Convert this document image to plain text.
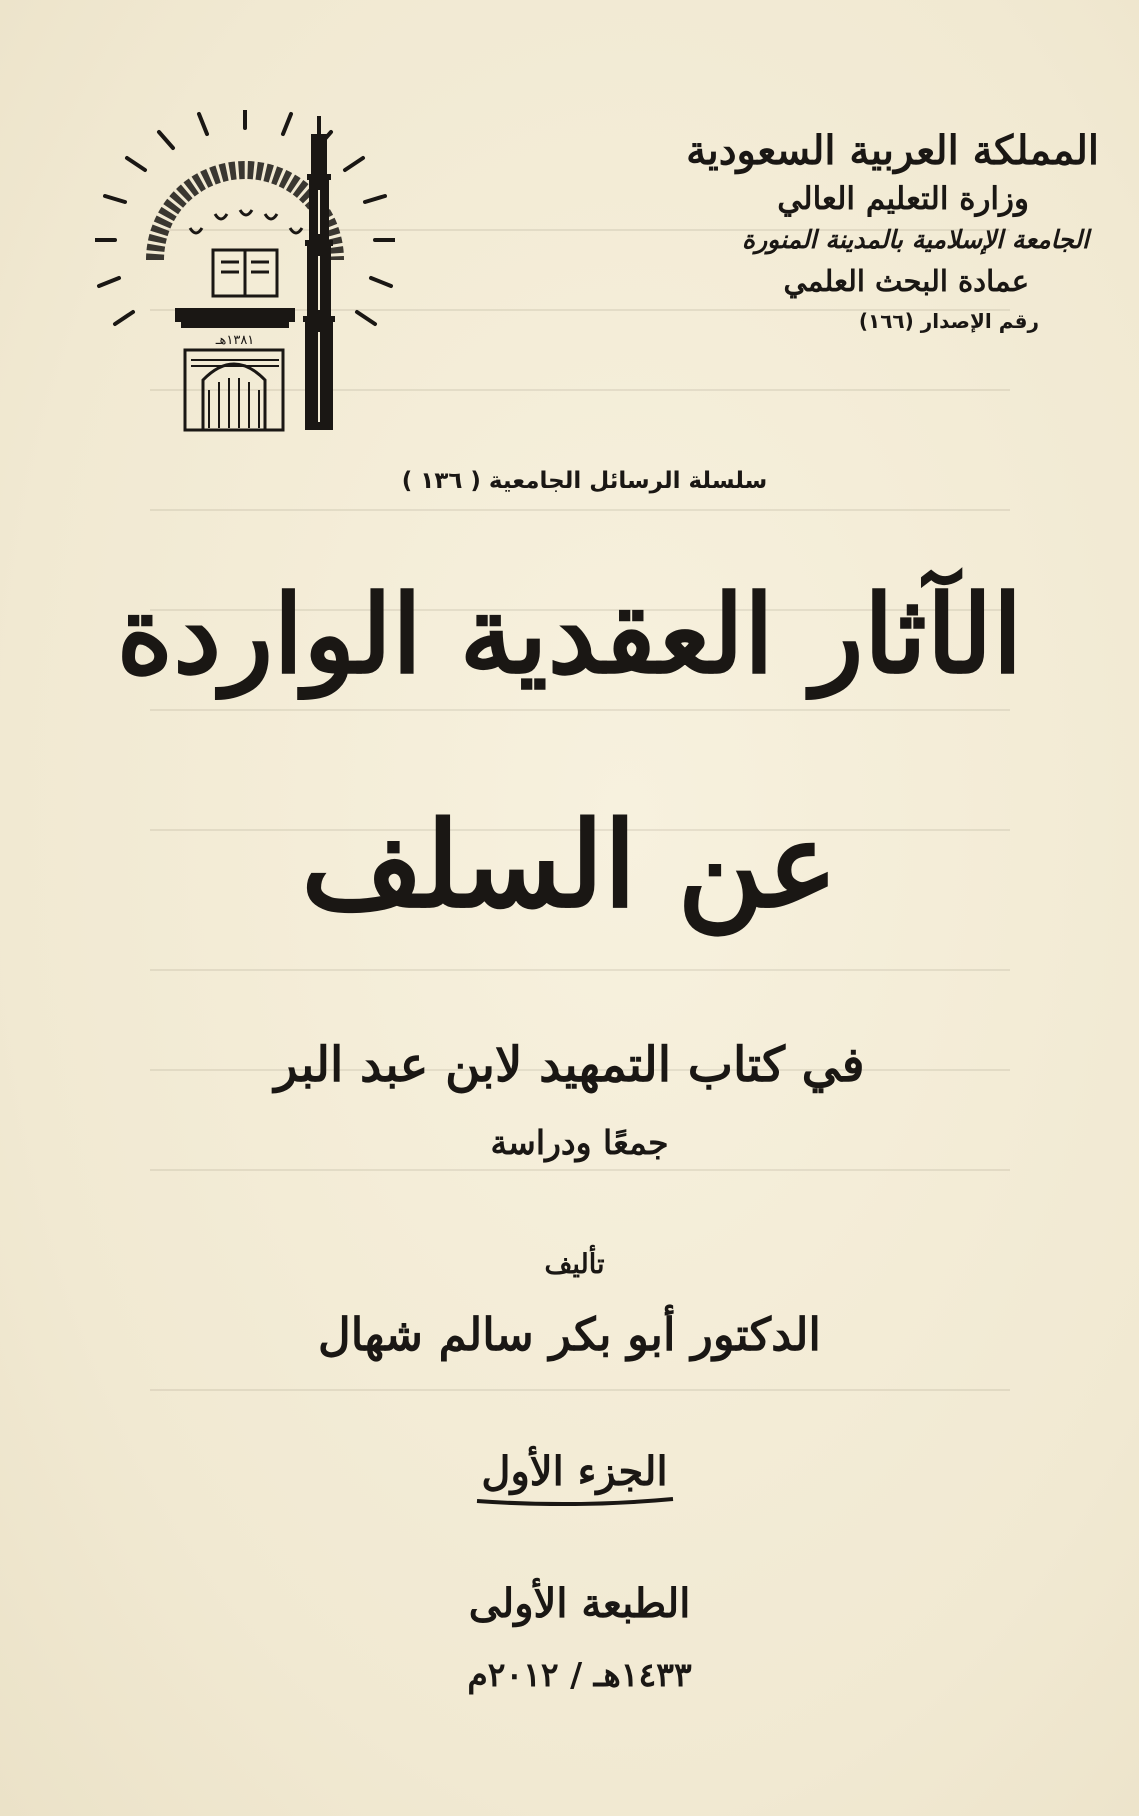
١٣٨١هـ
المملكة العربية السعودية
وزارة التعليم العالي
الجامعة الإسلامية بالمدينة المنورة
عمادة البحث العلمي
رقم الإصدار (١٦٦)
سلسلة الرسائل الجامعية ( ١٣٦ )
الآثار العقدية الواردة
عن السلف
في كتاب التمهيد لابن عبد البر
جمعًا ودراسة
تأليف
الدكتور أبو بكر سالم شهال
الجزء الأول
الطبعة الأولى
١٤٣٣هـ / ٢٠١٢م
